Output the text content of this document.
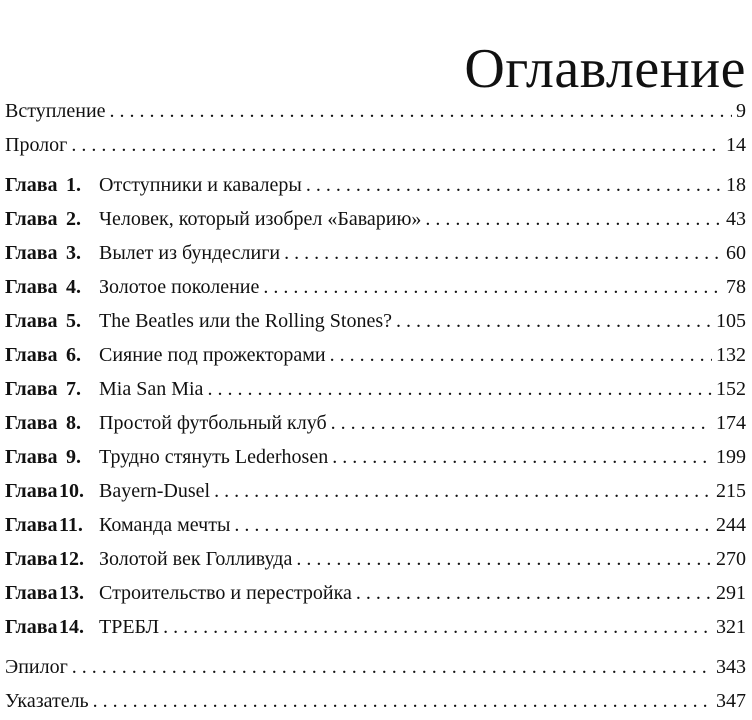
Оглавление
Вступление . . .	9
Пролог . . .	14
Глава 1. Отступники и кавалеры . . .	18
Глава 2. Человек, который изобрел «Баварию» . . .	43
Глава 3. Вылет из бундеслиги . . .	60
Глава 4. Золотое поколение . . .	78
Глава 5. The Beatles или the Rolling Stones? . . .	105
Глава 6. Сияние под прожекторами . . .	132
Глава 7. Mia San Mia . . .	152
Глава 8. Простой футбольный клуб . . .	174
Глава 9. Трудно стянуть Lederhosen . . .	199
Глава10. Bayern-Dusel . . .	215
Глава11. Команда мечты . . .	244
Глава12. Золотой век Голливуда . . .	270
Глава13. Строительство и перестройка . . .	291
Глава14. ТРЕБЛ . . .	321
Эпилог . . .	343
Указатель . . .	347
